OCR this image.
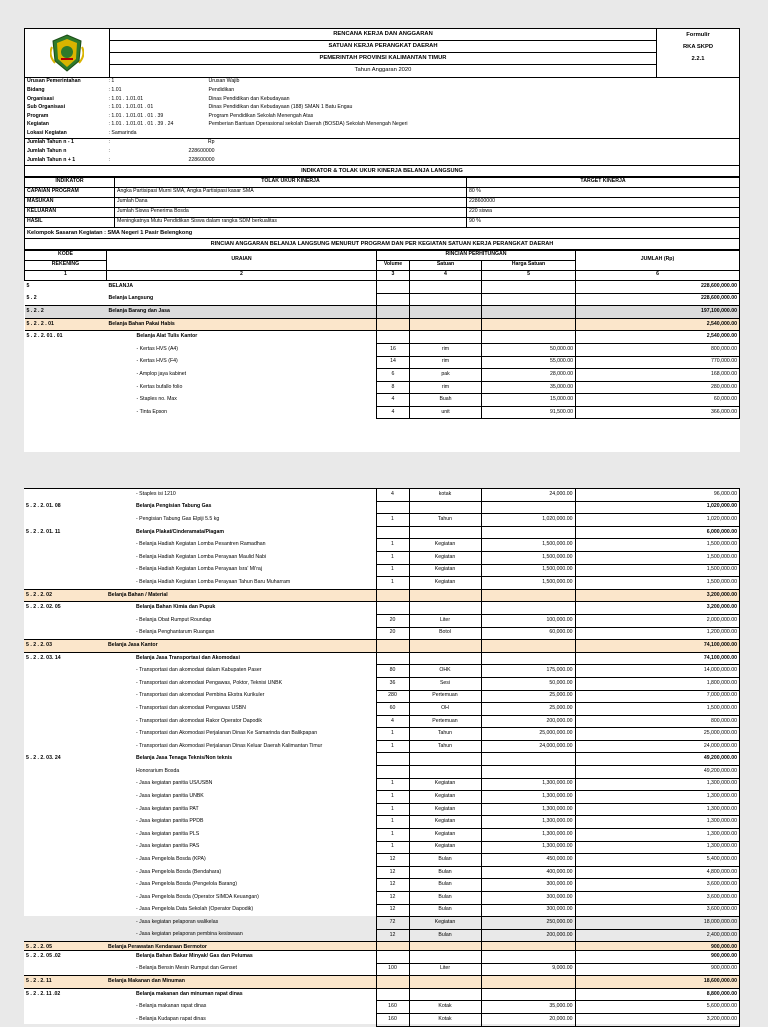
RENCANA KERJA DAN ANGGARAN
SATUAN KERJA PERANGKAT DAERAH
PEMERINTAH PROVINSI KALIMANTAN TIMUR
Tahun Anggaran 2020
Formulir
RKA SKPD
2.2.1
Urusan Pemerintahan	: 1	Urusan Wajib
Bidang	: 1.01	Pendidikan
Organisasi	: 1.01 . 1.01.01	Dinas Pendidikan dan Kebudayaan
Sub Organisasi	: 1.01 . 1.01.01 . 01	Dinas Pendidikan dan Kebudayaan (188) SMAN 1 Batu Engau
Program	: 1.01 . 1.01.01 . 01 . 39	Program Pendidikan Sekolah Menengah Atas
Kegiatan	: 1.01 . 1.01.01 . 01 . 39 . 24	Pemberian Bantuan Operasional sekolah Daerah (BOSDA) Sekolah Menengah Negeri
Lokasi Kegiatan	: Samarinda	
Jumlah Tahun n - 1	:	Rp	
Jumlah Tahun n	:	228600000	
Jumlah Tahun n + 1	:	228600000	
INDIKATOR & TOLAK UKUR KINERJA BELANJA LANGSUNG
INDIKATOR	TOLAK UKUR KINERJA	TARGET KINERJA
CAPAIAN PROGRAM	Angka Partisipasi Murni SMA, Angka Partisipasi kasar SMA	80 %
MASUKAN	Jumlah Dana	228600000
KELUARAN	Jumlah Siswa Penerima Bosda	220 siswa
HASIL	Meningkatnya Mutu Pendidikan Siswa dalam rangka SDM berkualitas	90 %
Kelompok Sasaran Kegiatan : SMA Negeri 1 Pasir Belengkong
RINCIAN ANGGARAN BELANJA LANGSUNG MENURUT PROGRAM DAN PER KEGIATAN SATUAN KERJA PERANGKAT DAERAH
KODE	URAIAN	RINCIAN PERHITUNGAN			JUMLAH (Rp)
REKENING		Volume	Satuan	Harga Satuan	
1	2	3	4	5	6
5	BELANJA				228,600,000.00
5 . 2	Belanja Langsung				228,600,000.00
5 . 2 . 2	Belanja Barang dan Jasa				197,100,000.00
5 . 2 . 2 . 01	Belanja Bahan Pakai Habis				2,540,000.00
5 . 2 . 2. 01 . 01	Belanja Alat Tulis Kantor				2,540,000.00
	- Kertas HVS (A4)	16	rim	50,000.00	800,000.00
	- Kertas HVS (F4)	14	rim	55,000.00	770,000.00
	- Amplop jaya kabinet	6	pak	28,000.00	168,000.00
	- Kertas bufallo folio	8	rim	35,000.00	280,000.00
	- Staples no. Max	4	Buah	15,000.00	60,000.00
	- Tinta Epson	4	unit	91,500.00	366,000.00
	- Staples isi 1210	4	kotak	24,000.00	96,000.00
5 . 2 . 2. 01. 08	Belanja Pengisian Tabung Gas				1,020,000.00
	- Pengisian Tabung Gas Elpiji 5.5 kg	1	Tahun	1,020,000.00	1,020,000.00
5 . 2 . 2. 01. 11	Belanja Plakat/Cinderamata/Piagam				6,000,000.00
	- Belanja Hadiah Kegiatan Lomba Pesantren Ramadhan	1	Kegiatan	1,500,000.00	1,500,000.00
	- Belanja Hadiah Kegiatan Lomba Perayaan Maulid Nabi	1	Kegiatan	1,500,000.00	1,500,000.00
	- Belanja Hadiah Kegiatan Lomba Perayaan Isra' Mi'raj	1	Kegiatan	1,500,000.00	1,500,000.00
	- Belanja Hadiah Kegiatan Lomba Perayaan Tahun Baru Muharram	1	Kegiatan	1,500,000.00	1,500,000.00
5 . 2 . 2. 02	Belanja Bahan / Material				3,200,000.00
5 . 2 . 2. 02. 05	Belanja Bahan Kimia dan Pupuk				3,200,000.00
	- Belanja Obat Rumput Roundap	20	Liter	100,000.00	2,000,000.00
	- Belanja Penghantarum Ruangan	20	Botol	60,000.00	1,200,000.00
5 . 2 . 2. 03	Belanja Jasa Kantor				74,100,000.00
5 . 2 . 2. 03. 14	Belanja Jasa Transportasi dan Akomodasi				74,100,000.00
	- Transportasi dan akomodasi dalam Kabupaten Paser	80	OHK	175,000.00	14,000,000.00
	- Transportasi dan akomodasi Pengawas, Poktor, Teknisi UNBK	36	Sesi	50,000.00	1,800,000.00
	- Transportasi dan akomodasi Pembina Ekstra Kurikuler	280	Pertemuan	25,000.00	7,000,000.00
	- Transportasi dan akomodasi Pengawas USBN	60	OH	25,000.00	1,500,000.00
	- Transportasi dan akomodasi Rakor Operator Dapodik	4	Pertemuan	200,000.00	800,000.00
	- Transportasi dan Akomodasi Perjalanan Dinas Ke Samarinda dan Balikpapan	1	Tahun	25,000,000.00	25,000,000.00
	- Transportasi dan Akomodasi Perjalanan Dinas Keluar Daerah Kalimantan Timur	1	Tahun	24,000,000.00	24,000,000.00
5 . 2 . 2. 03. 24	Belanja Jasa Tenaga Teknis/Non teknis				49,200,000.00
	Honorarium Bosda				49,200,000.00
	- Jasa kegiatan panitia US/USBN	1	Kegiatan	1,300,000.00	1,300,000.00
	- Jasa kegiatan panitia UNBK	1	Kegiatan	1,300,000.00	1,300,000.00
	- Jasa kegiatan panitia PAT	1	Kegiatan	1,300,000.00	1,300,000.00
	- Jasa kegiatan panitia PPDB	1	Kegiatan	1,300,000.00	1,300,000.00
	- Jasa kegiatan panitia PLS	1	Kegiatan	1,300,000.00	1,300,000.00
	- Jasa kegiatan panitia PAS	1	Kegiatan	1,300,000.00	1,300,000.00
	- Jasa Pengelola Bosda (KPA)	12	Bulan	450,000.00	5,400,000.00
	- Jasa Pengelola Bosda (Bendahara)	12	Bulan	400,000.00	4,800,000.00
	- Jasa Pengelola Bosda (Pengelola Barang)	12	Bulan	300,000.00	3,600,000.00
	- Jasa Pengelola Bosda (Operator SIMDA Keuangan)	12	Bulan	300,000.00	3,600,000.00
	- Jasa Pengelola Data Sekolah (Operator Dapodik)	12	Bulan	300,000.00	3,600,000.00
	- Jasa kegiatan pelaporan walikelas	72	Kegiatan	250,000.00	18,000,000.00
	- Jasa kegiatan pelaporan pembina kesiswaan	12	Bulan	200,000.00	2,400,000.00
5 . 2 . 2. 05	Belanja Perawatan Kendaraan Bermotor				900,000.00
5 . 2 . 2. 05 .02	Belanja Bahan Bakar Minyak/ Gas dan Pelumas				900,000.00
	- Belanja Bensin Mesin Rumput dan Genset	100	Liter	9,000.00	900,000.00
5 . 2 . 2. 11	Belanja Makanan dan Minuman				18,600,000.00
5 . 2 . 2. 11 .02	Belanja makanan dan minuman rapat dinas				8,800,000.00
	- Belanja makanan rapat dinas	160	Kotak	35,000.00	5,600,000.00
	- Belanja Kudapan rapat dinas	160	Kotak	20,000.00	3,200,000.00
